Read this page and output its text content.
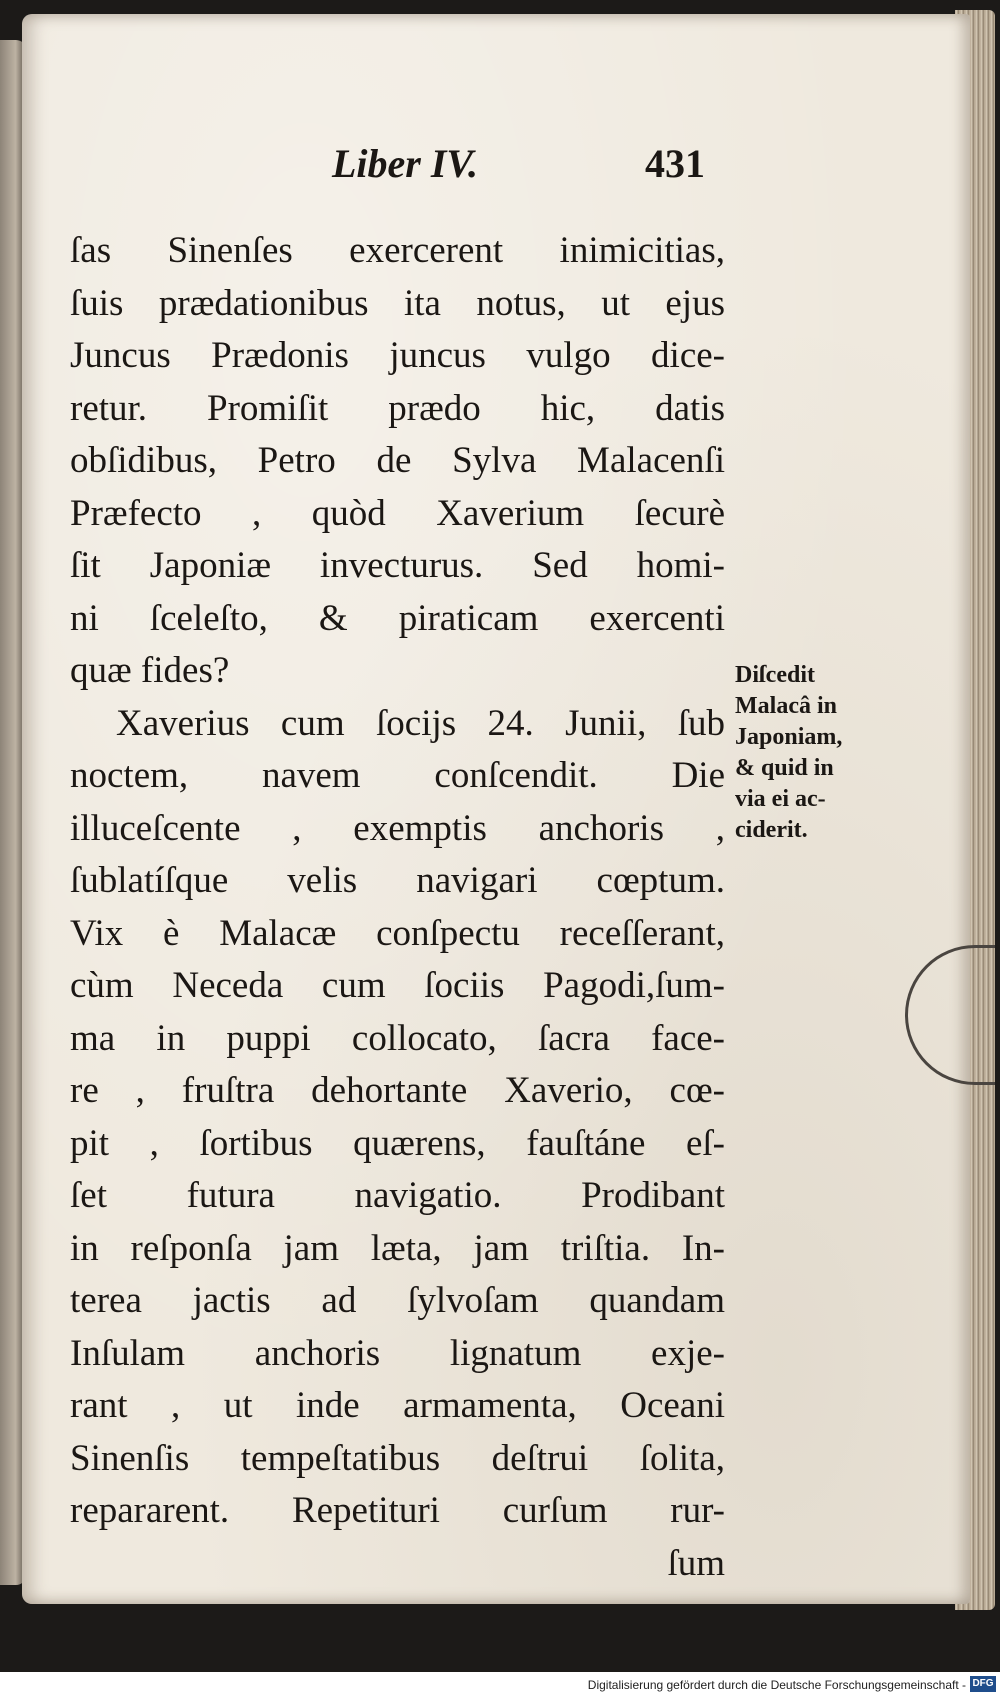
Liber IV.	431
ſas Sinenſes exercerent inimicitias,
ſuis prædationibus ita notus, ut ejus
Juncus Prædonis juncus vulgo dice-
retur. Promiſit prædo hic, datis
obſidibus, Petro de Sylva Malacenſi
Præfecto , quòd Xaverium ſecurè
ſit Japoniæ invecturus. Sed homi-
ni ſceleſto, & piraticam exercenti
quæ fides?
Xaverius cum ſocijs 24. Junii, ſub
noctem, navem conſcendit. Die
illuceſcente , exemptis anchoris ,
ſublatíſque velis navigari cœptum.
Vix è Malacæ conſpectu receſſerant,
cùm Neceda cum ſociis Pagodi,ſum-
ma in puppi collocato, ſacra face-
re , fruſtra dehortante Xaverio, cœ-
pit , ſortibus quærens, fauſtáne eſ-
ſet futura navigatio. Prodibant
in reſponſa jam læta, jam triſtia. In-
terea jactis ad ſylvoſam quandam
Inſulam anchoris lignatum exje-
rant , ut inde armamenta, Oceani
Sinenſis tempeſtatibus deſtrui ſolita,
repararent. Repetituri curſum rur-
ſum
Diſcedit
Malacâ in
Japoniam,
& quid in
via ei ac-
ciderit.
Digitalisierung gefördert durch die Deutsche Forschungsgemeinschaft - DFG
